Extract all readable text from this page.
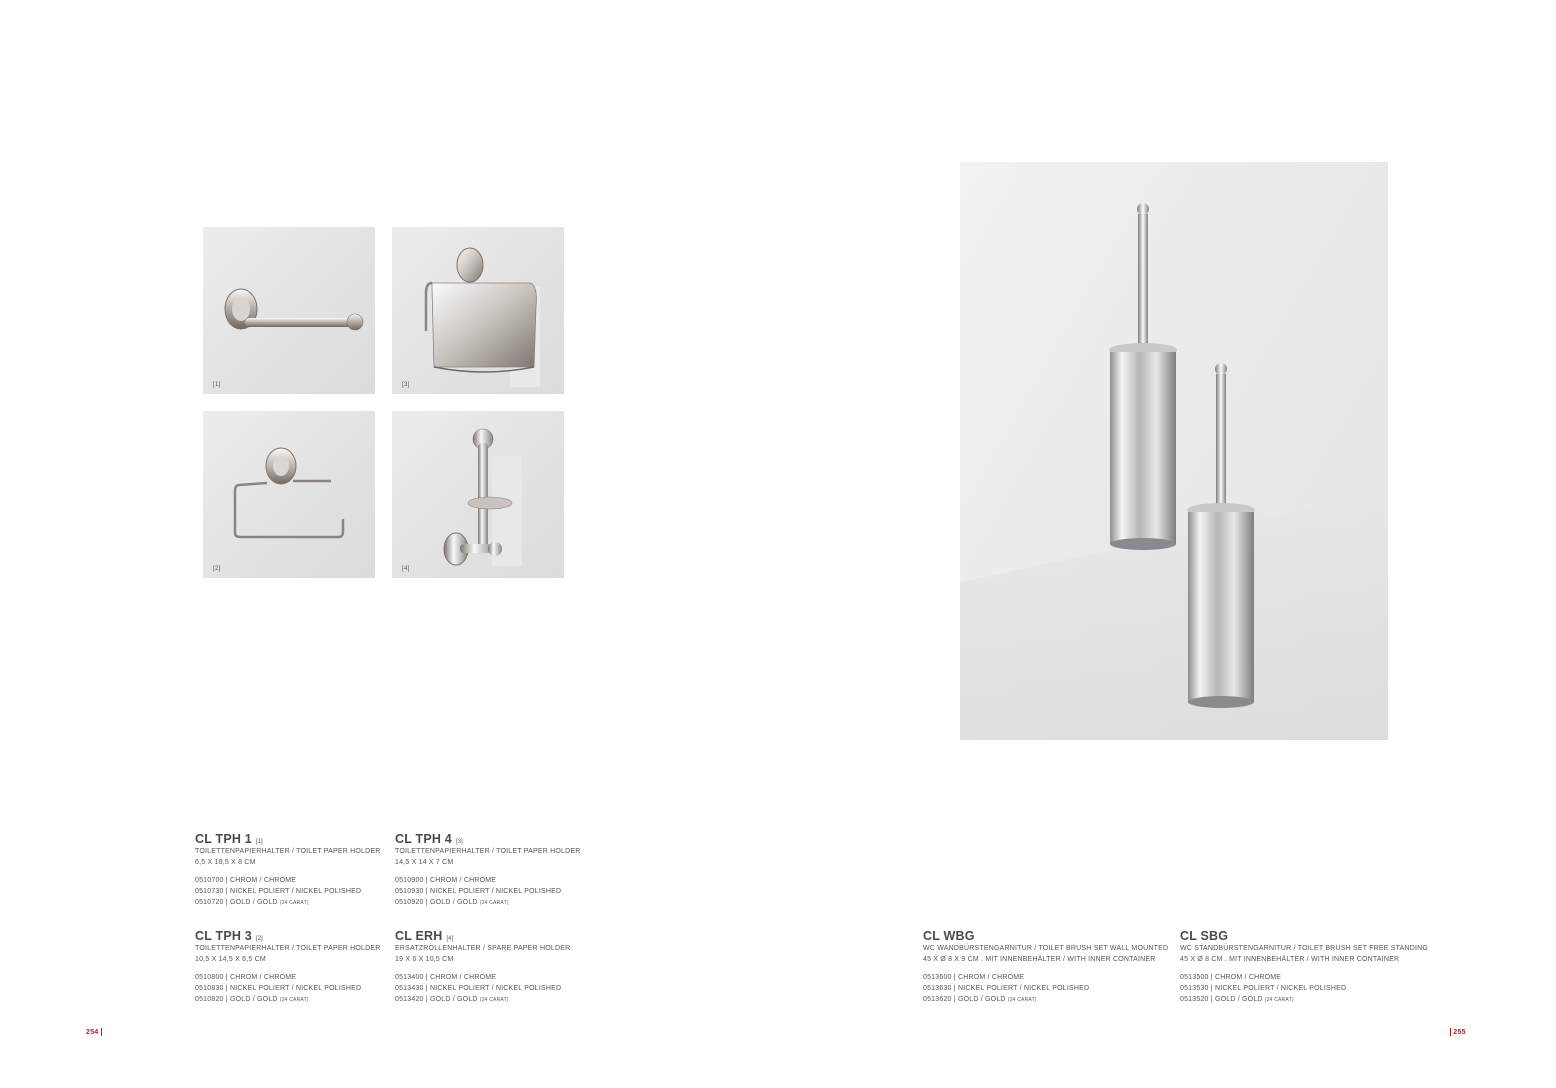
[1]	[3]
[2]	[4]
CL TPH 1 [1]
TOILETTENPAPIERHALTER / TOILET PAPER HOLDER
6,5 X 18,5 X 8 CM
0510700 | CHROM / CHROME
0510730 | NICKEL POLIERT / NICKEL POLISHED
0510720 | GOLD / GOLD (24 CARAT)
CL TPH 4 [3]
TOILETTENPAPIERHALTER / TOILET PAPER HOLDER
14,5 X 14 X 7 CM
0510900 | CHROM / CHROME
0510930 | NICKEL POLIERT / NICKEL POLISHED
0510920 | GOLD / GOLD (24 CARAT)
CL TPH 3 [2]
TOILETTENPAPIERHALTER / TOILET PAPER HOLDER
10,5 X 14,5 X 6,5 CM
0510800 | CHROM / CHROME
0510830 | NICKEL POLIERT / NICKEL POLISHED
0510820 | GOLD / GOLD (24 CARAT)
CL ERH [4]
ERSATZROLLENHALTER / SPARE PAPER HOLDER
19 X 6 X 10,5 CM
0513400 | CHROM / CHROME
0513430 | NICKEL POLIERT / NICKEL POLISHED
0513420 | GOLD / GOLD (24 CARAT)
CL WBG
WC WANDBÜRSTENGARNITUR / TOILET BRUSH SET WALL MOUNTED
45 X Ø 8 X 9 CM . MIT INNENBEHÄLTER / WITH INNER CONTAINER
0513600 | CHROM / CHROME
0513630 | NICKEL POLIERT / NICKEL POLISHED
0513620 | GOLD / GOLD (24 CARAT)
CL SBG
WC STANDBÜRSTENGARNITUR / TOILET BRUSH SET FREE STANDING
45 X Ø 8 CM . MIT INNENBEHÄLTER / WITH INNER CONTAINER
0513500 | CHROM / CHROME
0513530 | NICKEL POLIERT / NICKEL POLISHED
0513520 | GOLD / GOLD (24 CARAT)
254	255
